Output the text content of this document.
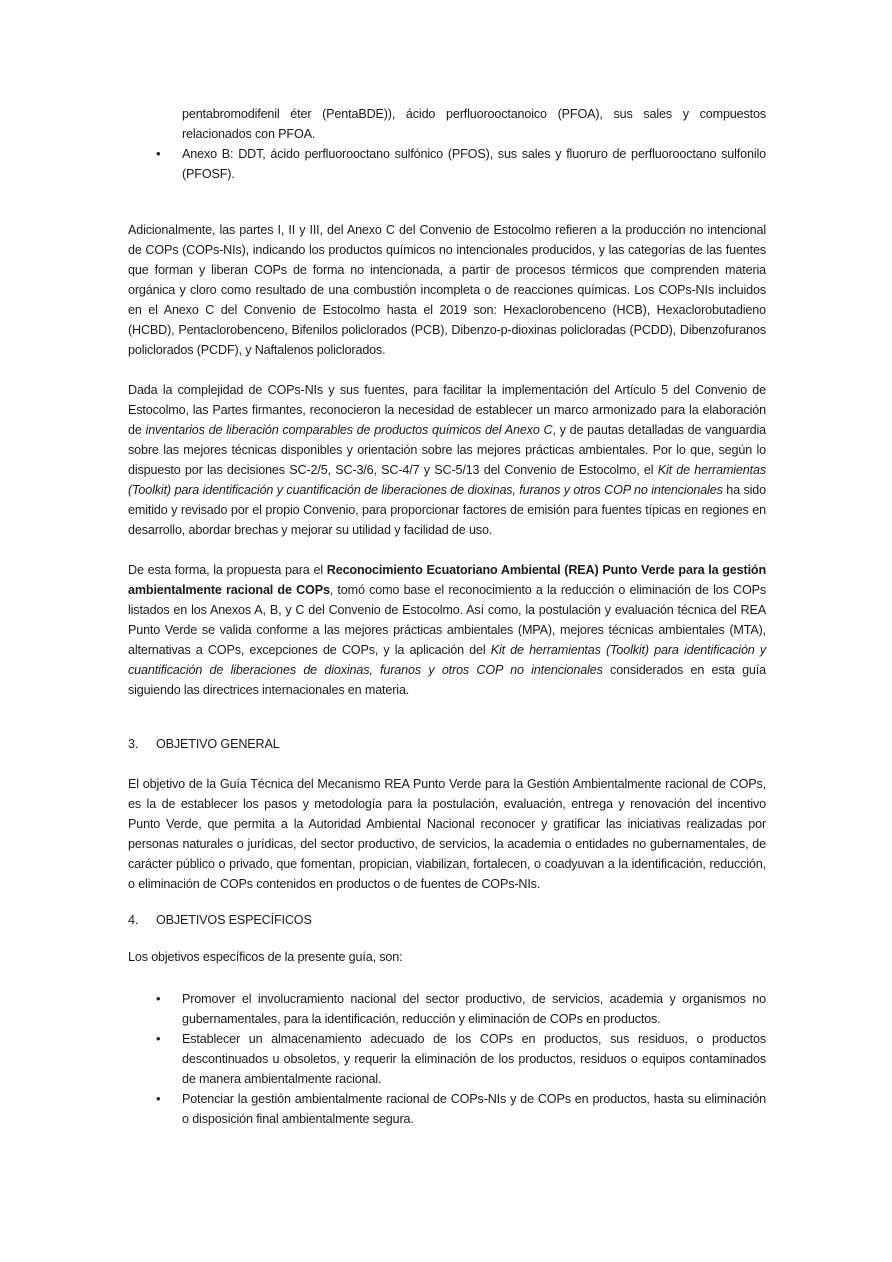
pentabromodifenil éter (PentaBDE)), ácido perfluorooctanoico (PFOA), sus sales y compuestos relacionados con PFOA.

• Anexo B: DDT, ácido perfluorooctano sulfónico (PFOS), sus sales y fluoruro de perfluorooctano sulfonilo (PFOSF).

Adicionalmente, las partes I, II y III, del Anexo C del Convenio de Estocolmo refieren a la producción no intencional de COPs (COPs-NIs), indicando los productos químicos no intencionales producidos, y las categorías de las fuentes que forman y liberan COPs de forma no intencionada, a partir de procesos térmicos que comprenden materia orgánica y cloro como resultado de una combustión incompleta o de reacciones químicas. Los COPs-NIs incluidos en el Anexo C del Convenio de Estocolmo hasta el 2019 son: Hexaclorobenceno (HCB), Hexaclorobutadieno (HCBD), Pentaclorobenceno, Bifenilos policlorados (PCB), Dibenzo-p-dioxinas policloradas (PCDD), Dibenzofuranos policlorados (PCDF), y Naftalenos policlorados.

Dada la complejidad de COPs-NIs y sus fuentes, para facilitar la implementación del Artículo 5 del Convenio de Estocolmo, las Partes firmantes, reconocieron la necesidad de establecer un marco armonizado para la elaboración de inventarios de liberación comparables de productos químicos del Anexo C, y de pautas detalladas de vanguardia sobre las mejores técnicas disponibles y orientación sobre las mejores prácticas ambientales. Por lo que, según lo dispuesto por las decisiones SC-2/5, SC-3/6, SC-4/7 y SC-5/13 del Convenio de Estocolmo, el Kit de herramientas (Toolkit) para identificación y cuantificación de liberaciones de dioxinas, furanos y otros COP no intencionales ha sido emitido y revisado por el propio Convenio, para proporcionar factores de emisión para fuentes típicas en regiones en desarrollo, abordar brechas y mejorar su utilidad y facilidad de uso.

De esta forma, la propuesta para el Reconocimiento Ecuatoriano Ambiental (REA) Punto Verde para la gestión ambientalmente racional de COPs, tomó como base el reconocimiento a la reducción o eliminación de los COPs listados en los Anexos A, B, y C del Convenio de Estocolmo. Así como, la postulación y evaluación técnica del REA Punto Verde se valida conforme a las mejores prácticas ambientales (MPA), mejores técnicas ambientales (MTA), alternativas a COPs, excepciones de COPs, y la aplicación del Kit de herramientas (Toolkit) para identificación y cuantificación de liberaciones de dioxinas, furanos y otros COP no intencionales considerados en esta guía siguiendo las directrices internacionales en materia.

3. OBJETIVO GENERAL

El objetivo de la Guía Técnica del Mecanismo REA Punto Verde para la Gestión Ambientalmente racional de COPs, es la de establecer los pasos y metodología para la postulación, evaluación, entrega y renovación del incentivo Punto Verde, que permita a la Autoridad Ambiental Nacional reconocer y gratificar las iniciativas realizadas por personas naturales o jurídicas, del sector productivo, de servicios, la academia o entidades no gubernamentales, de carácter público o privado, que fomentan, propician, viabilizan, fortalecen, o coadyuvan a la identificación, reducción, o eliminación de COPs contenidos en productos o de fuentes de COPs-NIs.

4. OBJETIVOS ESPECÍFICOS

Los objetivos específicos de la presente guía, son:

• Promover el involucramiento nacional del sector productivo, de servicios, academia y organismos no gubernamentales, para la identificación, reducción y eliminación de COPs en productos.
• Establecer un almacenamiento adecuado de los COPs en productos, sus residuos, o productos descontinuados u obsoletos, y requerir la eliminación de los productos, residuos o equipos contaminados de manera ambientalmente racional.
• Potenciar la gestión ambientalmente racional de COPs-NIs y de COPs en productos, hasta su eliminación o disposición final ambientalmente segura.
